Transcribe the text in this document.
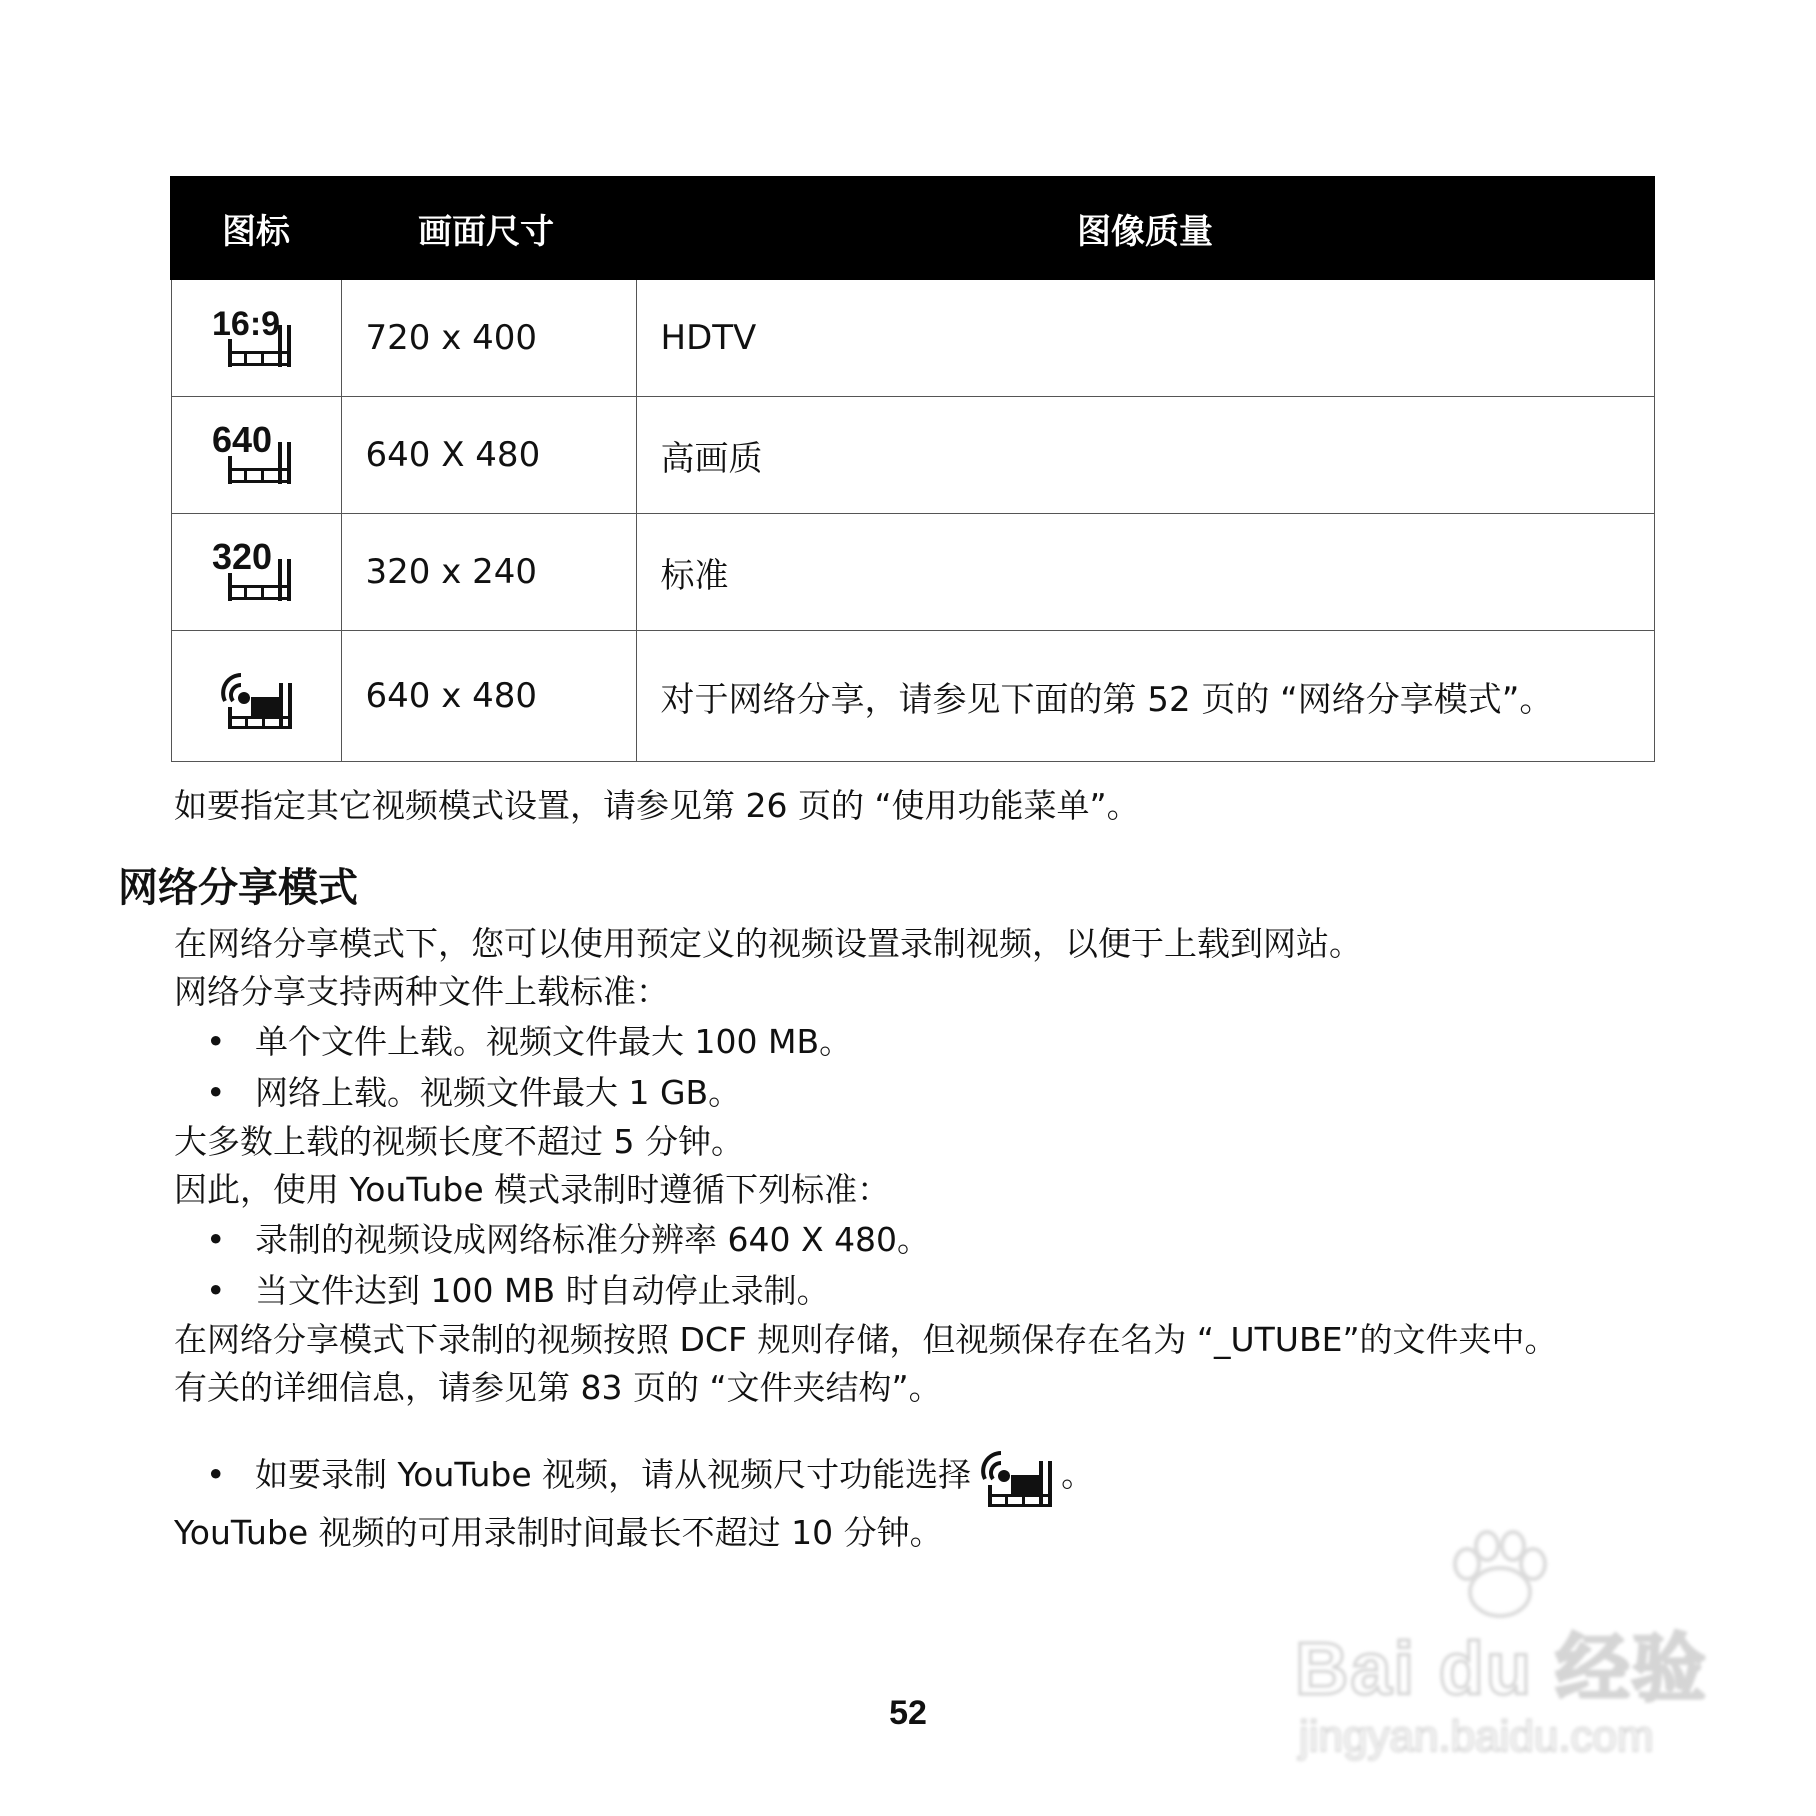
图标	画面尺寸	图像质量

16:9	720 x 400	HDTV

640	640 X 480	高画质

320	320 x 240	标准
	640 x 480	对于网络分享，请参见下面的第 52 页的 “网络分享模式”。
如要指定其它视频模式设置，请参见第 26 页的 “使用功能菜单”。
网络分享模式
在网络分享模式下，您可以使用预定义的视频设置录制视频，以便于上载到网站。
网络分享支持两种文件上载标准：
• 单个文件上载。视频文件最大 100 MB。
• 网络上载。视频文件最大 1 GB。
大多数上载的视频长度不超过 5 分钟。
因此，使用 YouTube 模式录制时遵循下列标准：
• 录制的视频设成网络标准分辨率 640 X 480。
• 当文件达到 100 MB 时自动停止录制。
在网络分享模式下录制的视频按照 DCF 规则存储，但视频保存在名为 “_UTUBE”的文件夹中。
有关的详细信息，请参见第 83 页的 “文件夹结构”。
• 如要录制 YouTube 视频，请从视频尺寸功能选择	。
YouTube 视频的可用录制时间最长不超过 10 分钟。
52
Bai du 经验
jingyan.baidu.com
